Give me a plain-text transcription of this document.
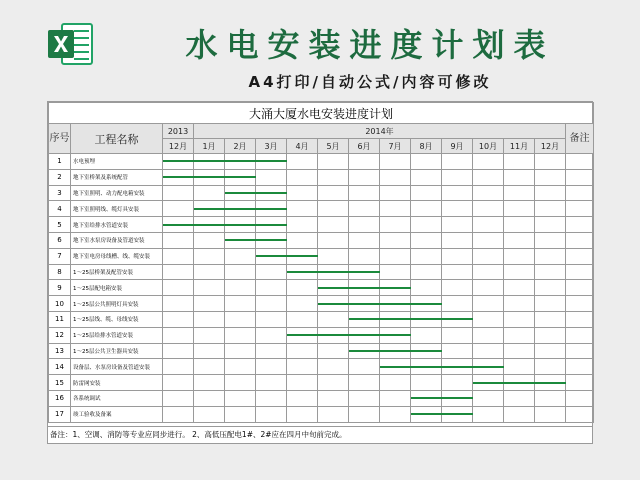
水电安装进度计划表
A4打印/自动公式/内容可修改
大涌大厦水电安装进度计划															
序号	工程名称	2013	2014年												备注
		12月	1月	2月	3月	4月	5月	6月	7月	8月	9月	10月	11月	12月	
1	水电预埋	

2	地下室桥架及系统配管	

3	地下室照明、动力配电箱安装	

4	地下室照明线、缆灯具安装	

5	地下室给排水管道安装	

6	地下室水泵房设备及管道安装	

7	地下室电房母线槽、线、缆安装	

8	1～25层桥架及配管安装	

9	1～25层配电箱安装	

10	1～25层公共照明灯具安装	

11	1～25层线、缆、母线安装	

12	1～25层给排水管道安装	

13	1～25层公共卫生器具安装	

14	设备层、水泵房设备及管道安装	

15	防雷网安装	

16	各系统调试	

17	竣工验收及备案	

备注：1、空调、消防等专业应同步进行。 2、高低压配电1#、2#应在四月中旬前完成。
